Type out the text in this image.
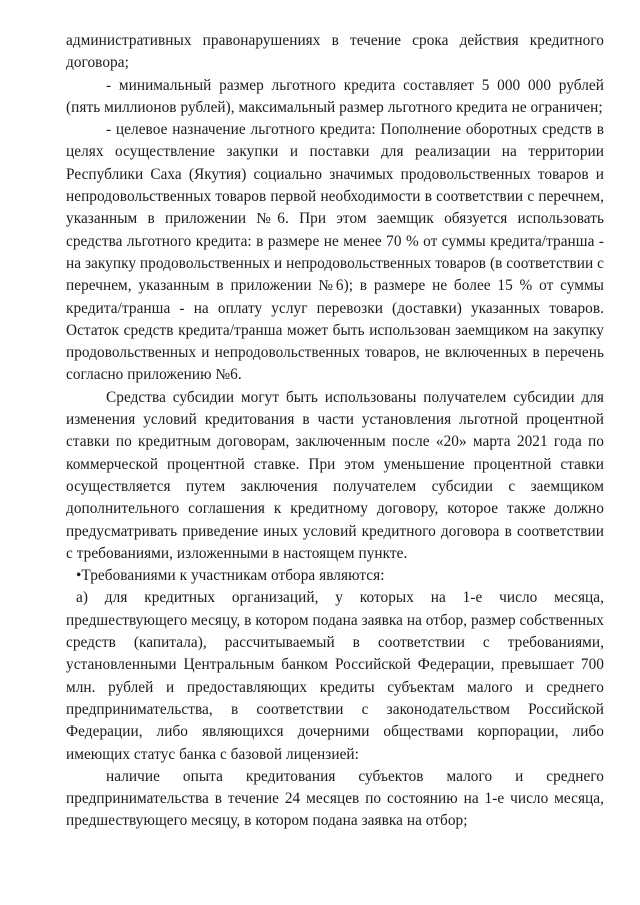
административных правонарушениях в течение срока действия кредитного договора;

- минимальный размер льготного кредита составляет 5 000 000 рублей (пять миллионов рублей), максимальный размер льготного кредита не ограничен;

- целевое назначение льготного кредита: Пополнение оборотных средств в целях осуществление закупки и поставки для реализации на территории Республики Саха (Якутия) социально значимых продовольственных товаров и непродовольственных товаров первой необходимости в соответствии с перечнем, указанным в приложении №6. При этом заемщик обязуется использовать средства льготного кредита: в размере не менее 70 % от суммы кредита/транша - на закупку продовольственных и непродовольственных товаров (в соответствии с перечнем, указанным в приложении №6); в размере не более 15 % от суммы кредита/транша - на оплату услуг перевозки (доставки) указанных товаров. Остаток средств кредита/транша может быть использован заемщиком на закупку продовольственных и непродовольственных товаров, не включенных в перечень согласно приложению №6.

Средства субсидии могут быть использованы получателем субсидии для изменения условий кредитования в части установления льготной процентной ставки по кредитным договорам, заключенным после «20» марта 2021 года по коммерческой процентной ставке. При этом уменьшение процентной ставки осуществляется путем заключения получателем субсидии с заемщиком дополнительного соглашения к кредитному договору, которое также должно предусматривать приведение иных условий кредитного договора в соответствии с требованиями, изложенными в настоящем пункте.

•Требованиями к участникам отбора являются:

а) для кредитных организаций, у которых на 1-е число месяца, предшествующего месяцу, в котором подана заявка на отбор, размер собственных средств (капитала), рассчитываемый в соответствии с требованиями, установленными Центральным банком Российской Федерации, превышает 700 млн. рублей и предоставляющих кредиты субъектам малого и среднего предпринимательства, в соответствии с законодательством Российской Федерации, либо являющихся дочерними обществами корпорации, либо имеющих статус банка с базовой лицензией:

наличие опыта кредитования субъектов малого и среднего предпринимательства в течение 24 месяцев по состоянию на 1-е число месяца, предшествующего месяцу, в котором подана заявка на отбор;
